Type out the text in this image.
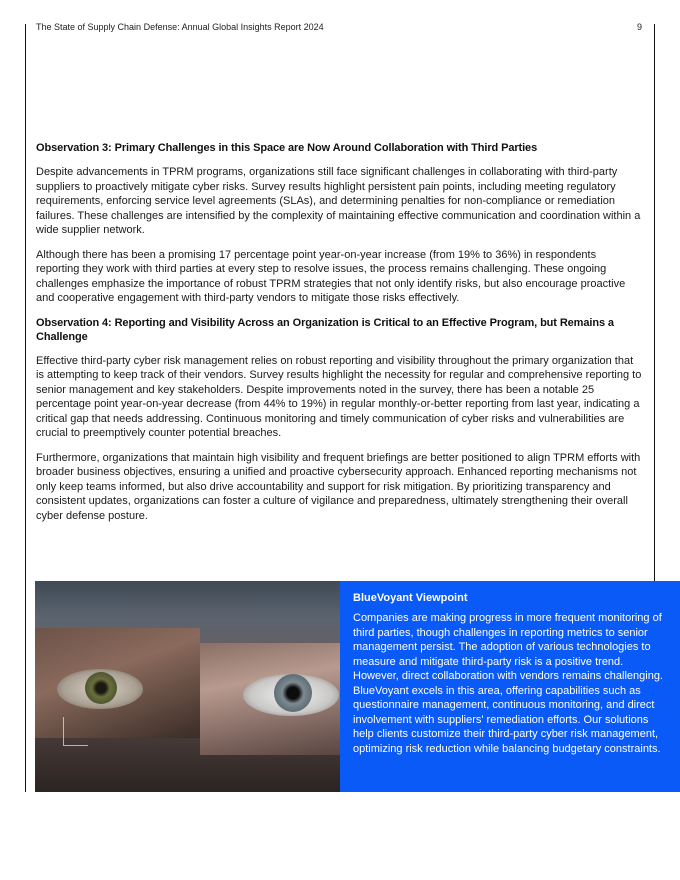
The State of Supply Chain Defense: Annual Global Insights Report 2024	9
Observation 3: Primary Challenges in this Space are Now Around Collaboration with Third Parties

Despite advancements in TPRM programs, organizations still face significant challenges in collaborating with third-party suppliers to proactively mitigate cyber risks. Survey results highlight persistent pain points, including meeting regulatory requirements, enforcing service level agreements (SLAs), and determining penalties for non-compliance or remediation failures. These challenges are intensified by the complexity of maintaining effective communication and coordination within a wide supplier network.

Although there has been a promising 17 percentage point year-on-year increase (from 19% to 36%) in respondents reporting they work with third parties at every step to resolve issues, the process remains challenging. These ongoing challenges emphasize the importance of robust TPRM strategies that not only identify risks, but also encourage proactive and cooperative engagement with third-party vendors to mitigate those risks effectively.

Observation 4: Reporting and Visibility Across an Organization is Critical to an Effective Program, but Remains a Challenge

Effective third-party cyber risk management relies on robust reporting and visibility throughout the primary organization that is attempting to keep track of their vendors. Survey results highlight the necessity for regular and comprehensive reporting to senior management and key stakeholders. Despite improvements noted in the survey, there has been a notable 25 percentage point year-on-year decrease (from 44% to 19%) in regular monthly-or-better reporting from last year, indicating a critical gap that needs addressing. Continuous monitoring and timely communication of cyber risks and vulnerabilities are crucial to preemptively counter potential breaches.

Furthermore, organizations that maintain high visibility and frequent briefings are better positioned to align TPRM efforts with broader business objectives, ensuring a unified and proactive cybersecurity approach. Enhanced reporting mechanisms not only keep teams informed, but also drive accountability and support for risk mitigation. By prioritizing transparency and consistent updates, organizations can foster a culture of vigilance and preparedness, ultimately strengthening their overall cyber defense posture.

BlueVoyant Viewpoint

Companies are making progress in more frequent monitoring of third parties, though challenges in reporting metrics to senior management persist. The adoption of various technologies to measure and mitigate third-party risk is a positive trend. However, direct collaboration with vendors remains challenging. BlueVoyant excels in this area, offering capabilities such as questionnaire management, continuous monitoring, and direct involvement with suppliers' remediation efforts. Our solutions help clients customize their third-party cyber risk management, optimizing risk reduction while balancing budgetary constraints.
